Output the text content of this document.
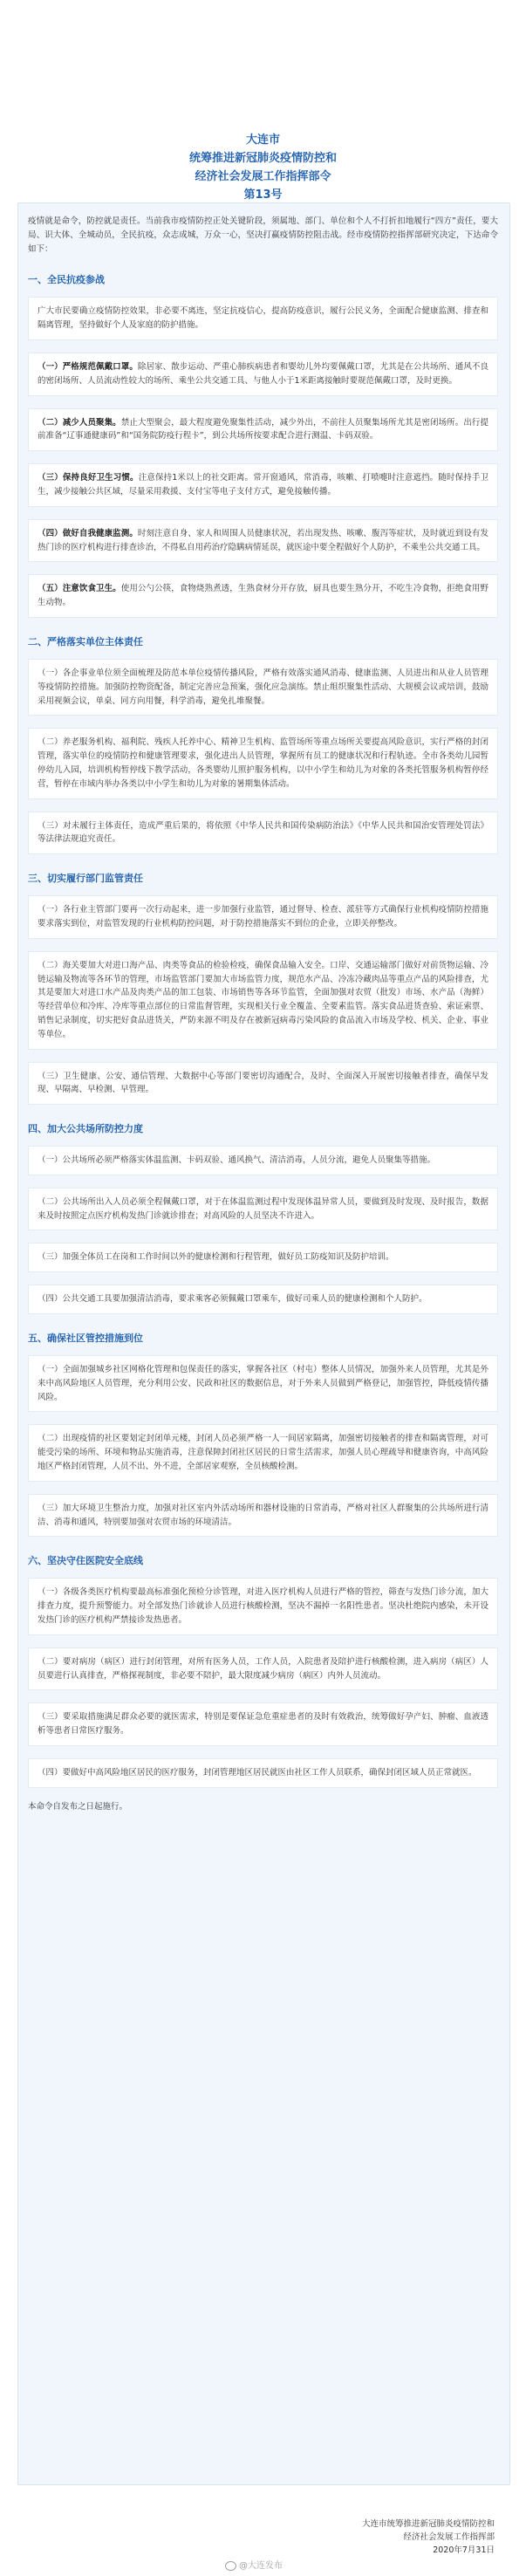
大连市

统筹推进新冠肺炎疫情防控和

经济社会发展工作指挥部令

第13号

疫情就是命令，防控就是责任。当前我市疫情防控正处关键阶段，须属地、部门、单位和个人不打折扣地履行“四方”责任，要大局、识大体、全城动员，全民抗疫，众志成城，万众一心，坚决打赢疫情防控阻击战。经市疫情防控指挥部研究决定，下达命令如下：

一、全民抗疫参战
广大市民要确立疫情防控效果，非必要不离连，坚定抗疫信心，提高防疫意识，履行公民义务，全面配合健康监测、排查和隔离管理，坚持做好个人及家庭的防护措施。
（一）严格规范佩戴口罩。除居家、散步运动、严重心肺疾病患者和婴幼儿外均要佩戴口罩，尤其是在公共场所、通风不良的密闭场所、人员流动性较大的场所、乘坐公共交通工具、与他人小于1米距离接触时要规范佩戴口罩，及时更换。
（二）减少人员聚集。禁止大型聚会，最大程度避免聚集性活动，减少外出，不前往人员聚集场所尤其是密闭场所。出行提前准备“辽事通健康码”和“国务院防疫行程卡”，到公共场所按要求配合进行测温、卡码双验。
（三）保持良好卫生习惯。注意保持1米以上的社交距离。常开窗通风，常消毒，咳嗽、打喷嚏时注意遮挡。随时保持手卫生，减少接触公共区域，尽量采用救援、支付宝等电子支付方式，避免接触传播。
（四）做好自我健康监测。时刻注意自身、家人和周围人员健康状况，若出现发热、咳嗽、腹泻等症状，及时就近到设有发热门诊的医疗机构进行排查诊治，不得私自用药治疗隐瞒病情延误，就医途中要全程做好个人防护，不乘坐公共交通工具。
（五）注意饮食卫生。使用公勺公筷，食物烧熟煮透，生熟食材分开存放，厨具也要生熟分开，不吃生冷食物，拒绝食用野生动物。
二、严格落实单位主体责任
（一）各企事业单位须全面梳理及防范本单位疫情传播风险，严格有效落实通风消毒、健康监测、人员进出和从业人员管理等疫情防控措施。加强防控物资配备，制定完善应急预案，强化应急演练。禁止组织聚集性活动、大规模会议或培训，鼓励采用视频会议，单桌、同方向用餐，科学消毒，避免扎堆聚餐。
（二）养老服务机构、福利院、残疾人托养中心、精神卫生机构、监管场所等重点场所关要提高风险意识，实行严格的封闭管理，落实单位的疫情防控和健康管理要求，强化进出人员管理，掌握所有员工的健康状况和行程轨迹。全市各类幼儿园暂停幼儿入园，培训机构暂停线下教学活动，各类婴幼儿照护服务机构，以中小学生和幼儿为对象的各类托管服务机构暂停经营，暂停在市域内举办各类以中小学生和幼儿为对象的暑期集体活动。
（三）对未履行主体责任，造成严重后果的，将依照《中华人民共和国传染病防治法》《中华人民共和国治安管理处罚法》等法律法规追究责任。
三、切实履行部门监管责任
（一）各行业主管部门要再一次行动起来，进一步加强行业监管，通过督导、检查、派驻等方式确保行业机构疫情防控措施要求落实到位，对监管发现的行业机构防控问题，对于防控措施落实不到位的企业，立即关停整改。
（二）海关要加大对进口海产品、肉类等食品的检验检疫，确保食品输入安全。口岸、交通运输部门做好对前货物运输、冷链运输及物流等各环节的管理，市场监管部门要加大市场监管力度，规范水产品、冷冻冷藏肉品等重点产品的风险排查，尤其是要加大对进口水产品及肉类产品的加工包装、市场销售等各环节监管，全面加强对农贸（批发）市场、水产品（海鲜）等经营单位和冷库、冷库等重点部位的日常监督管理，实现相关行业全覆盖、全要素监管。落实食品进货查验、索证索票、销售记录制度，切实把好食品进货关，严防来源不明及存在被新冠病毒污染风险的食品流入市场及学校、机关、企业、事业等单位。
（三）卫生健康、公安、通信管理、大数据中心等部门要密切沟通配合，及时、全面深入开展密切接触者排查，确保早发现、早隔离、早检测、早管理。
四、加大公共场所防控力度
（一）公共场所必须严格落实体温监测、卡码双验、通风换气、清洁消毒，人员分流，避免人员聚集等措施。
（二）公共场所出入人员必须全程佩戴口罩，对于在体温监测过程中发现体温异常人员，要做到及时发现、及时报告，数据来及时按照定点医疗机构发热门诊就诊排查；对高风险的人员坚决不许进入。
（三）加强全体员工在岗和工作时间以外的健康检测和行程管理，做好员工防疫知识及防护培训。
（四）公共交通工具要加强清洁消毒，要求乘客必须佩戴口罩乘车，做好司乘人员的健康检测和个人防护。
五、确保社区管控措施到位
（一）全面加强城乡社区网格化管理和包保责任的落实，掌握各社区（村屯）整体人员情况，加强外来人员管理，尤其是外来中高风险地区人员管理，充分利用公安、民政和社区的数据信息，对于外来人员做到严格登记，加强管控，降低疫情传播风险。
（二）出现疫情的社区要划定封闭单元楼，封闭人员必须严格一人一间居家隔离，加强密切接触者的排查和隔离管理，对可能受污染的场所、环境和物品实施消毒，注意保障封闭社区居民的日常生活需求，加强人员心理疏导和健康咨询，中高风险地区严格封闭管理，人员不出、外不进，全部居家观察，全员核酸检测。
（三）加大环境卫生整治力度，加强对社区室内外活动场所和器材设施的日常消毒，严格对社区人群聚集的公共场所进行清洁、消毒和通风，特别要加强对农贸市场的环境清洁。
六、坚决守住医院安全底线
（一）各级各类医疗机构要最高标准强化预检分诊管理，对进入医疗机构人员进行严格的管控，筛查与发热门诊分流，加大排查力度，提升预警能力。对全部发热门诊就诊人员进行核酸检测，坚决不漏掉一名阳性患者。坚决杜绝院内感染，未开设发热门诊的医疗机构严禁接诊发热患者。
（二）要对病房（病区）进行封闭管理，对所有医务人员，工作人员，入院患者及陪护进行核酸检测，进入病房（病区）人员要进行认真排查，严格探视制度，非必要不陪护，最大限度减少病房（病区）内外人员流动。
（三）要采取措施满足群众必要的就医需求，特别是要保证急危重症患者的及时有效救治，统筹做好孕产妇、肿瘤、血液透析等患者日常医疗服务。
（四）要做好中高风险地区居民的医疗服务，封闭管理地区居民就医由社区工作人员联系，确保封闭区域人员正常就医。

本命令自发布之日起施行。

大连市统筹推进新冠肺炎疫情防控和
经济社会发展工作指挥部
2020年7月31日
@大连发布
